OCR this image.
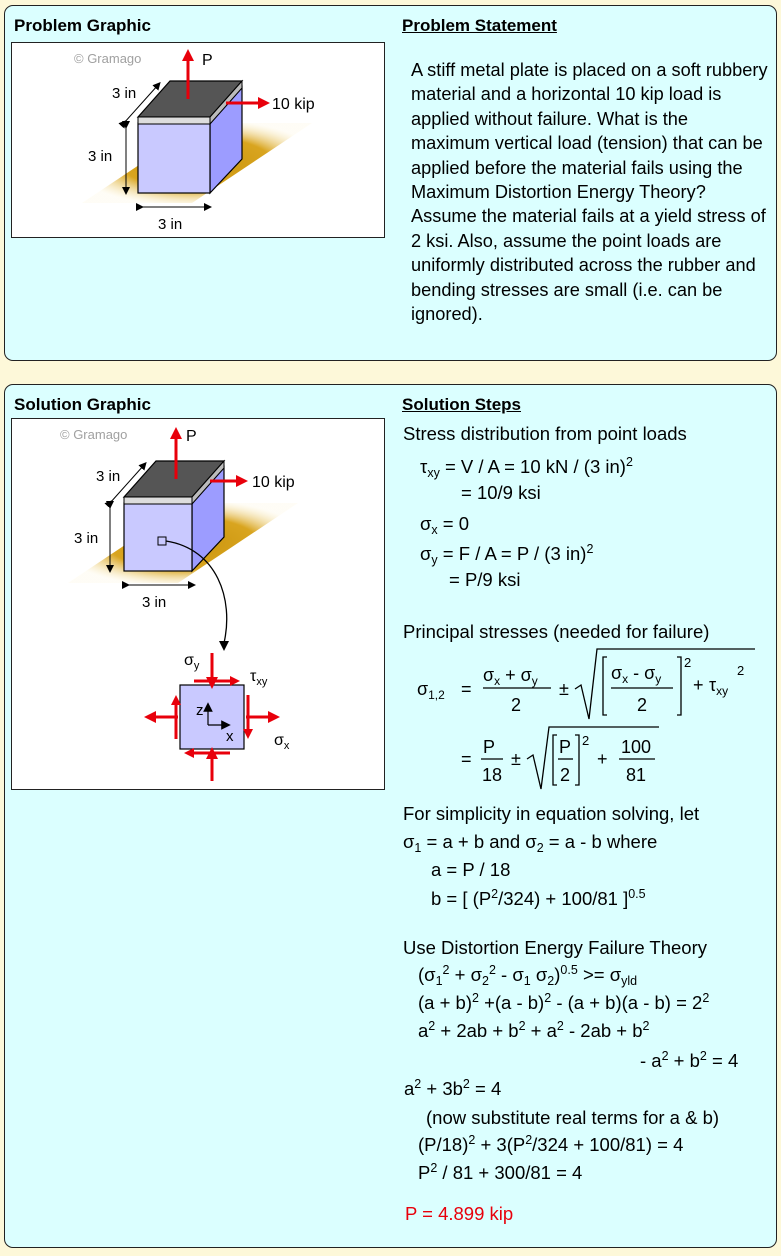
Problem Graphic	Problem Statement
© Gramago	P
10 kip
3 in
3 in
3 in
A stiff metal plate is placed on a soft rubbery material and a horizontal 10 kip load is applied without failure. What is the maximum vertical load (tension) that can be applied before the material fails using the Maximum Distortion Energy Theory? Assume the material fails at a yield stress of 2 ksi. Also, assume the point loads are uniformly distributed across the rubber and bending stresses are small (i.e. can be ignored).
Solution Graphic	Solution Steps
© Gramago	P
10 kip
3 in
3 in
3 in
z
x
$\sigma_y$
$\tau_{xy}$
$\sigma_x$
Stress distribution from point loads
$\tau_{xy} = V / A = 10$ kN / (3 in)$^2$
= 10/9 ksi
$\sigma_x = 0$
$\sigma_y = F / A = P / (3$ in)$^2$
= P/9 ksi
Principal stresses (needed for failure)
$\sigma_{1,2}$ =
$\sigma_x + \sigma_y$
2
±
$\sigma_x - \sigma_y$
2
2
+ $\tau_{xy}$
2
=
P
18
±
P
2
2
+
100
81
For simplicity in equation solving, let
$\sigma_1 = a + b$ and $\sigma_2 = a - b$ where
a = P / 18
b = [ $(P^2/324) + 100/81$ ]$^{0.5}$
Use Distortion Energy Failure Theory
($\sigma_1^2 + \sigma_2^2 - \sigma_1$ $\sigma_2)^{0.5} >= \sigma_{yld}$
$(a + b)^2 +(a - b)^2 - (a + b)(a - b) = 2^2$
$a^2 + 2ab + b^2 + a^2 - 2ab + b^2$
- $a^2 + b^2 = 4$
$a^2 + 3b^2 = 4$
(now substitute real terms for a & b)
$(P/18)^2 + 3(P^2/324 + 100/81) = 4$
$P^2 / 81 + 300/81 = 4$
P = 4.899 kip
